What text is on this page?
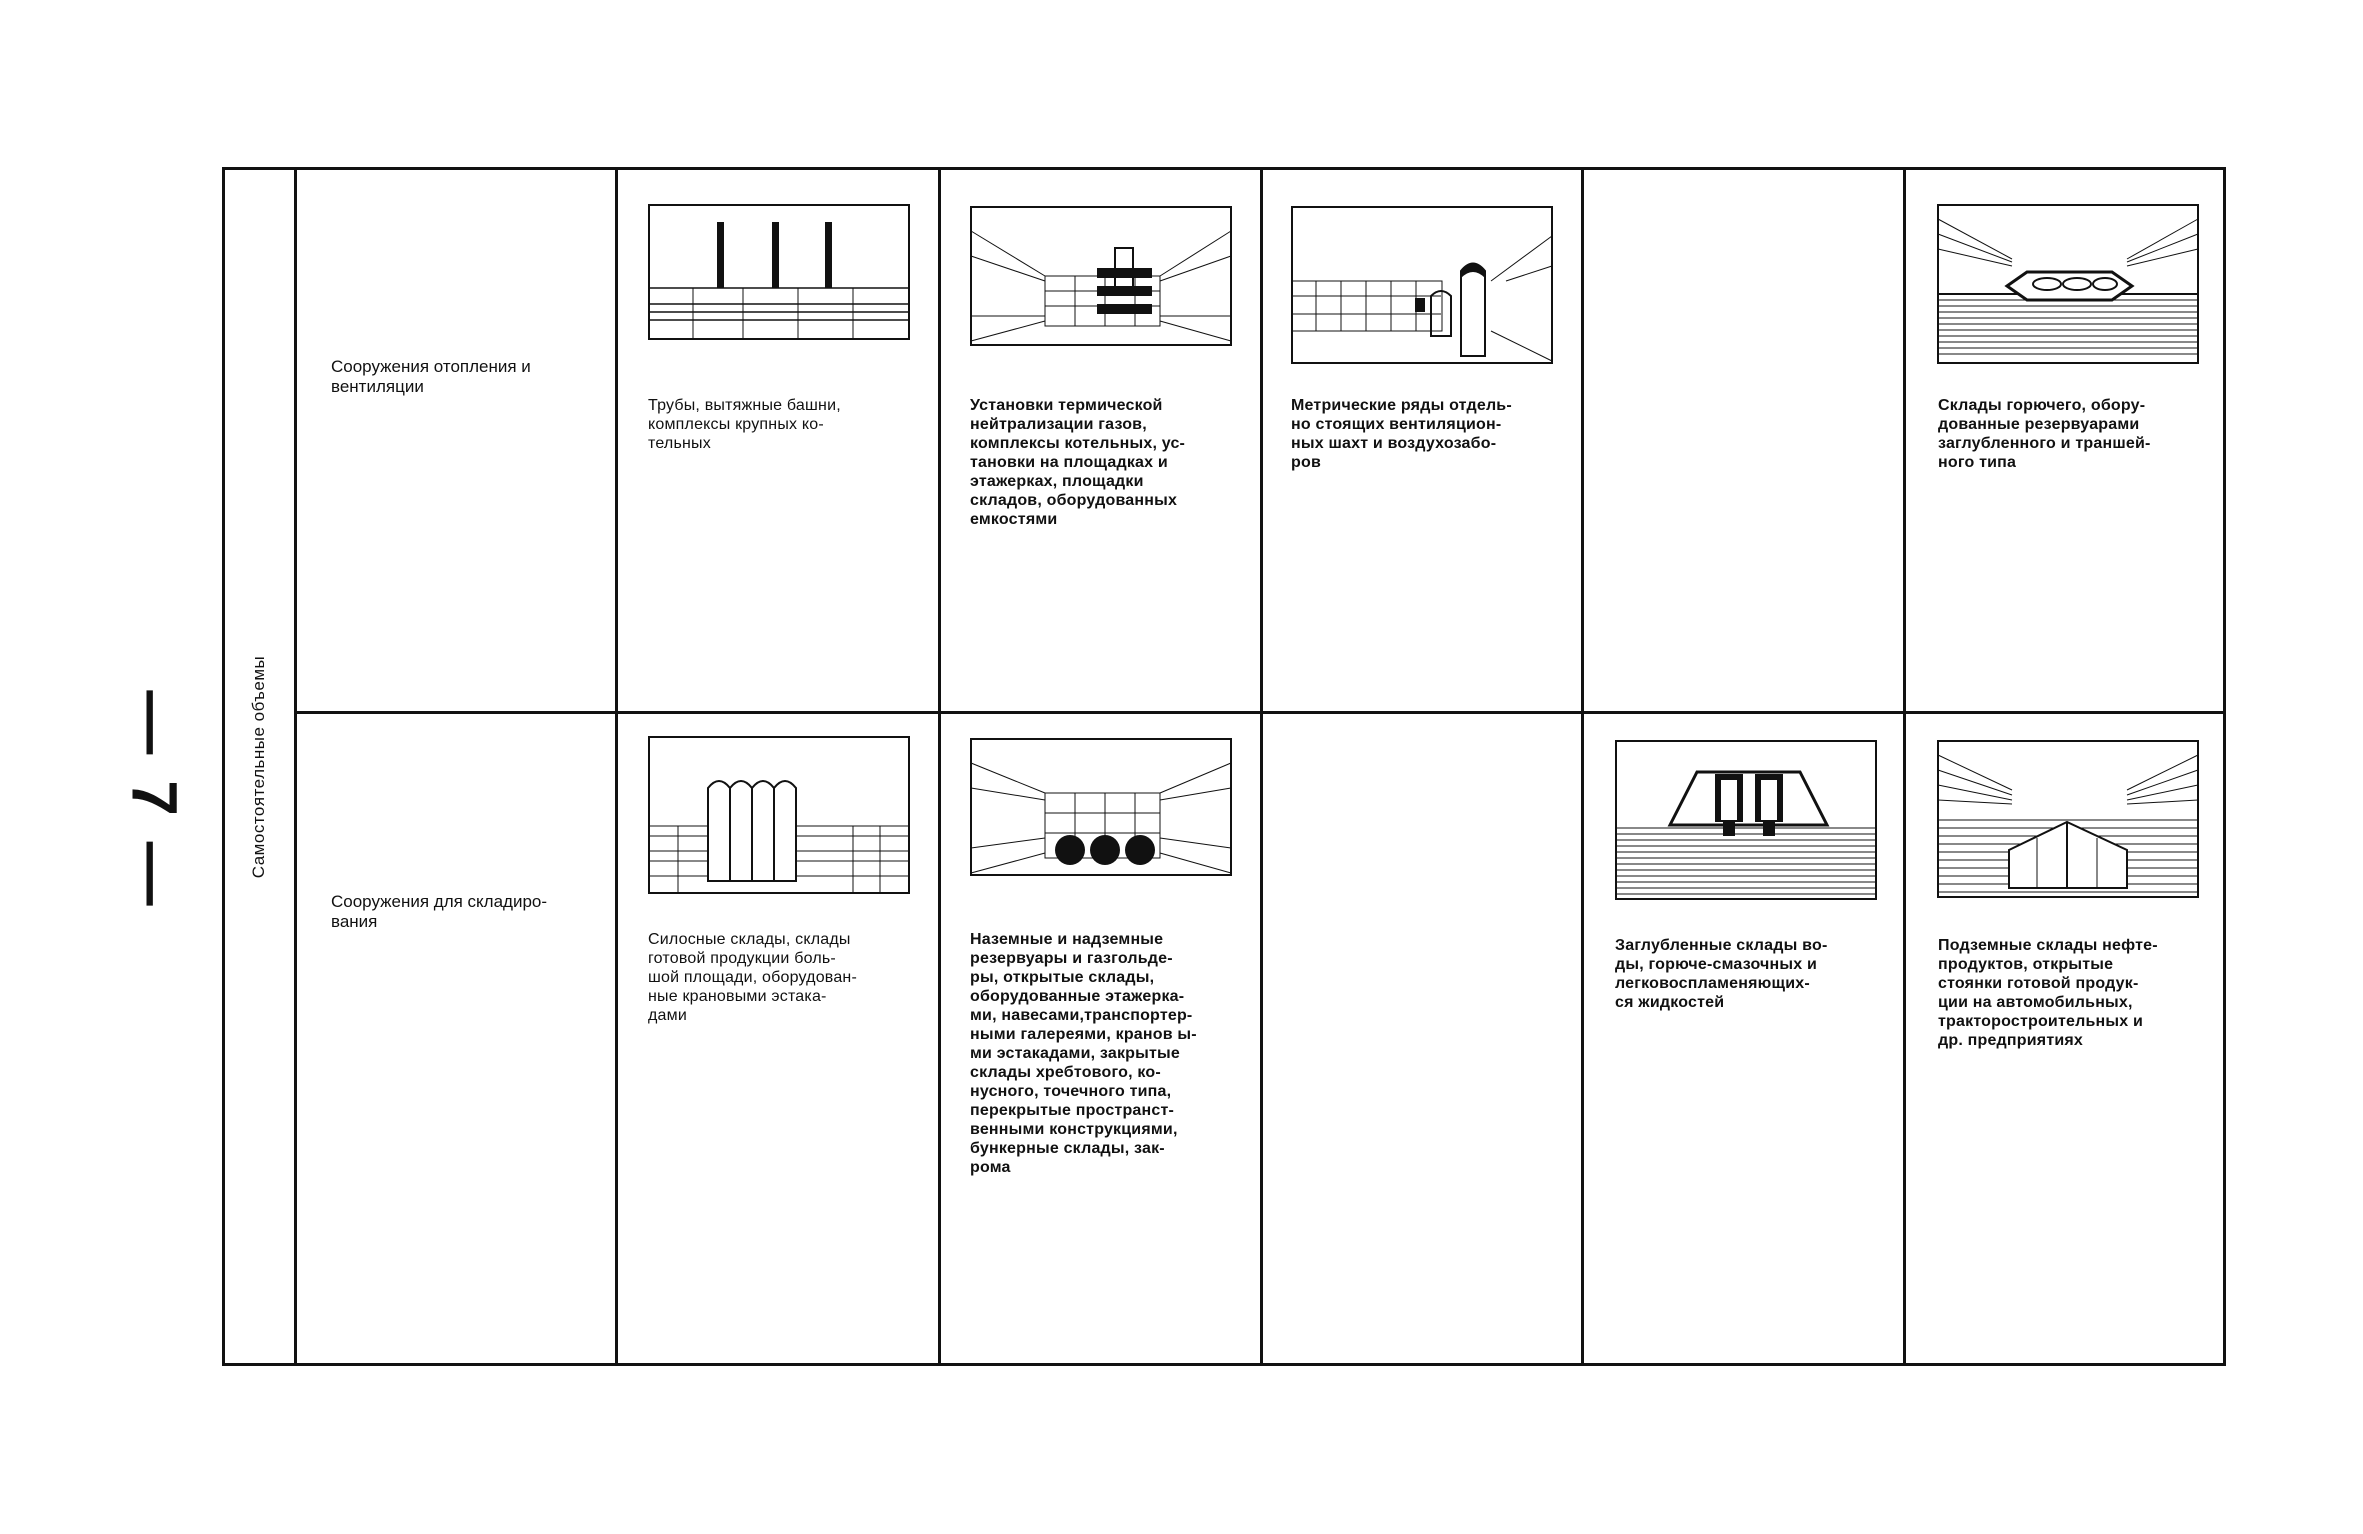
— 7 —	Самостоятельные объемы
Сооружения отопления и
вентиляции
Сооружения для складиро-
вания
Трубы, вытяжные башни,
комплексы крупных ко-
тельных
Установки термической
нейтрализации газов,
комплексы котельных, ус-
тановки на площадках и
этажерках, площадки
складов, оборудованных
емкостями
Метрические ряды отдель-
но стоящих вентиляцион-
ных шахт и воздухозабо-
ров
Склады горючего, обору-
дованные резервуарами
заглубленного и траншей-
ного типа
Силосные склады, склады
готовой продукции боль-
шой площади, оборудован-
ные крановыми эстака-
дами
Наземные и надземные
резервуары и газгольде-
ры, открытые склады,
оборудованные этажерка-
ми, навесами,транспортер-
ными галереями, кранов ы-
ми эстакадами, закрытые
склады хребтового, ко-
нусного, точечного типа,
перекрытые пространст-
венными конструкциями,
бункерные склады, зак-
рома
Заглубленные склады во-
ды, горюче-смазочных и
легковоспламеняющих-
ся жидкостей
Подземные склады нефте-
продуктов, открытые
стоянки готовой продук-
ции на автомобильных,
тракторостроительных и
др. предприятиях
